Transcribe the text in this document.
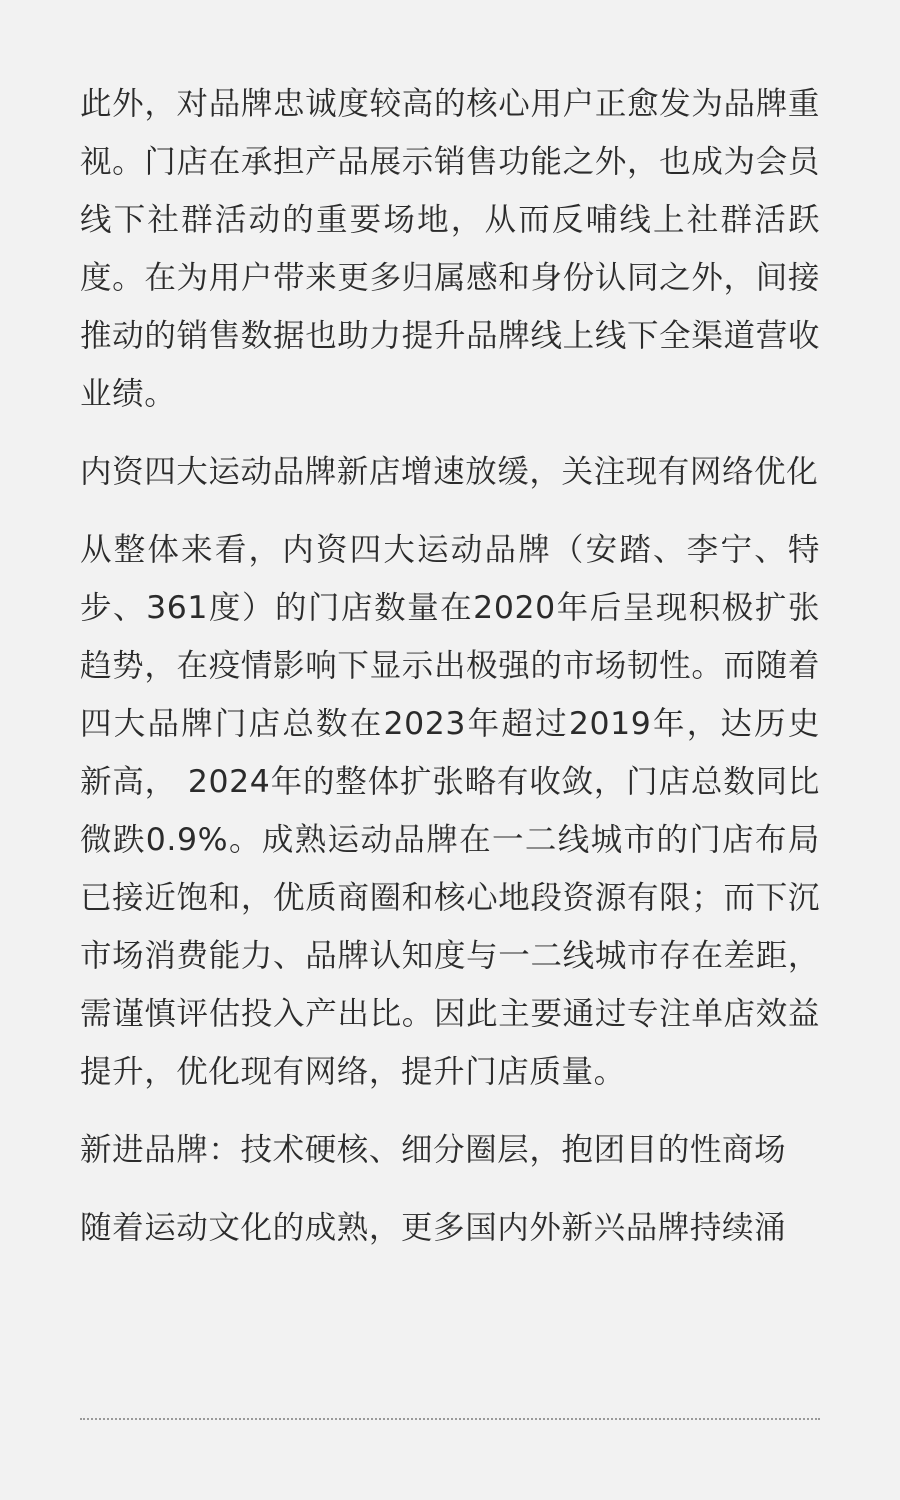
此外，对品牌忠诚度较高的核心用户正愈发为品牌重视。门店在承担产品展示销售功能之外，也成为会员线下社群活动的重要场地，从而反哺线上社群活跃度。在为用户带来更多归属感和身份认同之外，间接推动的销售数据也助力提升品牌线上线下全渠道营收业绩。

内资四大运动品牌新店增速放缓，关注现有网络优化

从整体来看，内资四大运动品牌（安踏、李宁、特步、361度）的门店数量在2020年后呈现积极扩张趋势，在疫情影响下显示出极强的市场韧性。而随着四大品牌门店总数在2023年超过2019年，达历史新高， 2024年的整体扩张略有收敛，门店总数同比微跌0.9%。成熟运动品牌在一二线城市的门店布局已接近饱和，优质商圈和核心地段资源有限；而下沉市场消费能力、品牌认知度与一二线城市存在差距，需谨慎评估投入产出比。因此主要通过专注单店效益提升，优化现有网络，提升门店质量。

新进品牌：技术硬核、细分圈层，抱团目的性商场

随着运动文化的成熟，更多国内外新兴品牌持续涌
